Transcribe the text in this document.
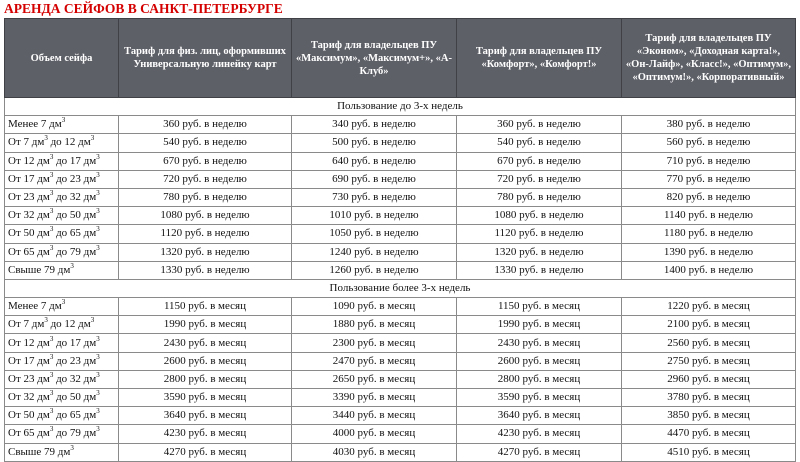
АРЕНДА СЕЙФОВ В САНКТ-ПЕТЕРБУРГЕ
Объем сейфа	Тариф для физ. лиц, оформивших Универсальную линейку карт	Тариф для владельцев ПУ «Максимум», «Максимум+», «А-Клуб»	Тариф для владельцев ПУ «Комфорт», «Комфорт!»	Тариф для владельцев ПУ «Эконом», «Доходная карта!», «Он-Лайф», «Класс!», «Оптимум», «Оптимум!», «Корпоративный»
Пользование до 3-х недель				
Менее 7 $дм^3$	360 руб. в неделю	340 руб. в неделю	360 руб. в неделю	380 руб. в неделю
От 7 $дм^3$ до 12 $дм^3$	540 руб. в неделю	500 руб. в неделю	540 руб. в неделю	560 руб. в неделю
От 12 $дм^3$ до 17 $дм^3$	670 руб. в неделю	640 руб. в неделю	670 руб. в неделю	710 руб. в неделю
От 17 $дм^3$ до 23 $дм^3$	720 руб. в неделю	690 руб. в неделю	720 руб. в неделю	770 руб. в неделю
От 23 $дм^3$ до 32 $дм^3$	780 руб. в неделю	730 руб. в неделю	780 руб. в неделю	820 руб. в неделю
От 32 $дм^3$ до 50 $дм^3$	1080 руб. в неделю	1010 руб. в неделю	1080 руб. в неделю	1140 руб. в неделю
От 50 $дм^3$ до 65 $дм^3$	1120 руб. в неделю	1050 руб. в неделю	1120 руб. в неделю	1180 руб. в неделю
От 65 $дм^3$ до 79 $дм^3$	1320 руб. в неделю	1240 руб. в неделю	1320 руб. в неделю	1390 руб. в неделю
Свыше 79 $дм^3$	1330 руб. в неделю	1260 руб. в неделю	1330 руб. в неделю	1400 руб. в неделю
Пользование более 3-х недель				
Менее 7 $дм^3$	1150 руб. в месяц	1090 руб. в месяц	1150 руб. в месяц	1220 руб. в месяц
От 7 $дм^3$ до 12 $дм^3$	1990 руб. в месяц	1880 руб. в месяц	1990 руб. в месяц	2100 руб. в месяц
От 12 $дм^3$ до 17 $дм^3$	2430 руб. в месяц	2300 руб. в месяц	2430 руб. в месяц	2560 руб. в месяц
От 17 $дм^3$ до 23 $дм^3$	2600 руб. в месяц	2470 руб. в месяц	2600 руб. в месяц	2750 руб. в месяц
От 23 $дм^3$ до 32 $дм^3$	2800 руб. в месяц	2650 руб. в месяц	2800 руб. в месяц	2960 руб. в месяц
От 32 $дм^3$ до 50 $дм^3$	3590 руб. в месяц	3390 руб. в месяц	3590 руб. в месяц	3780 руб. в месяц
От 50 $дм^3$ до 65 $дм^3$	3640 руб. в месяц	3440 руб. в месяц	3640 руб. в месяц	3850 руб. в месяц
От 65 $дм^3$ до 79 $дм^3$	4230 руб. в месяц	4000 руб. в месяц	4230 руб. в месяц	4470 руб. в месяц
Свыше 79 $дм^3$	4270 руб. в месяц	4030 руб. в месяц	4270 руб. в месяц	4510 руб. в месяц
